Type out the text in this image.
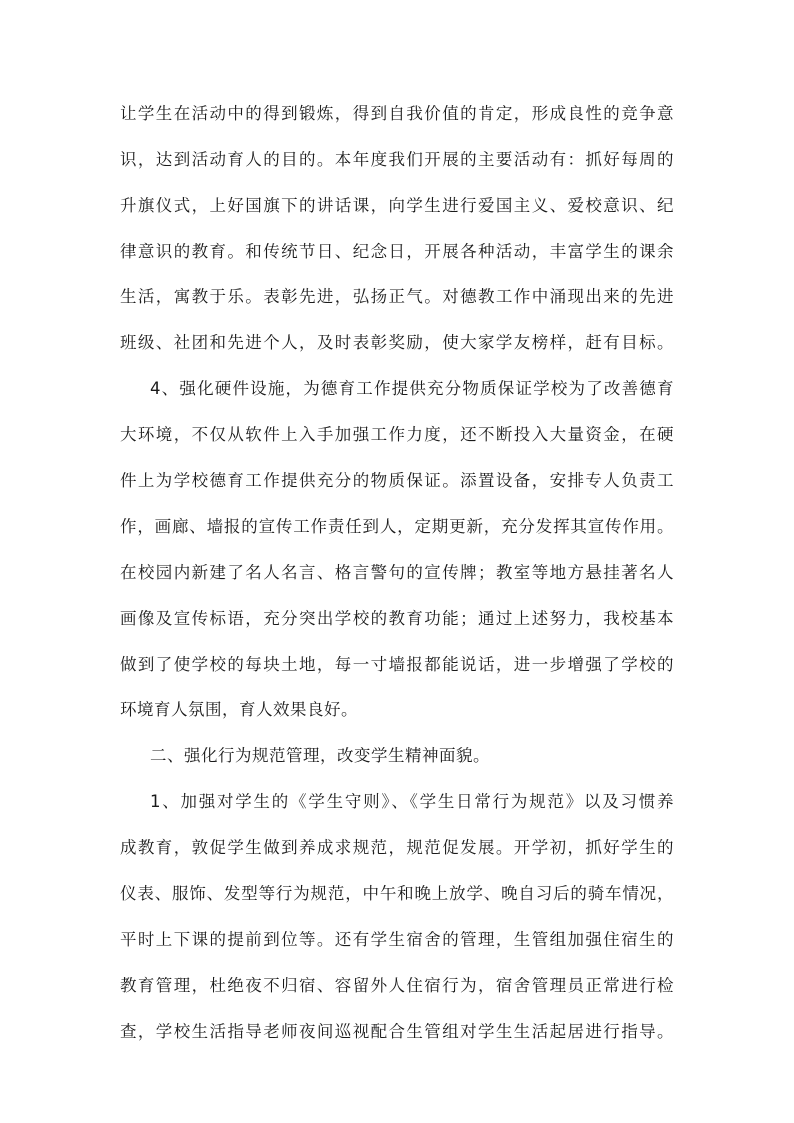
让学生在活动中的得到锻炼，得到自我价值的肯定，形成良性的竞争意
识，达到活动育人的目的。本年度我们开展的主要活动有：抓好每周的
升旗仪式，上好国旗下的讲话课，向学生进行爱国主义、爱校意识、纪
律意识的教育。和传统节日、纪念日，开展各种活动，丰富学生的课余
生活，寓教于乐。表彰先进，弘扬正气。对德教工作中涌现出来的先进
班级、社团和先进个人，及时表彰奖励，使大家学友榜样，赶有目标。
4、强化硬件设施，为德育工作提供充分物质保证学校为了改善德育
大环境，不仅从软件上入手加强工作力度，还不断投入大量资金，在硬
件上为学校德育工作提供充分的物质保证。添置设备，安排专人负责工
作，画廊、墙报的宣传工作责任到人，定期更新，充分发挥其宣传作用。
在校园内新建了名人名言、格言警句的宣传牌；教室等地方悬挂著名人
画像及宣传标语，充分突出学校的教育功能；通过上述努力，我校基本
做到了使学校的每块土地，每一寸墙报都能说话，进一步增强了学校的
环境育人氛围，育人效果良好。
二、强化行为规范管理，改变学生精神面貌。
1、加强对学生的《学生守则》、《学生日常行为规范》以及习惯养
成教育，敦促学生做到养成求规范，规范促发展。开学初，抓好学生的
仪表、服饰、发型等行为规范，中午和晚上放学、晚自习后的骑车情况，
平时上下课的提前到位等。还有学生宿舍的管理，生管组加强住宿生的
教育管理，杜绝夜不归宿、容留外人住宿行为，宿舍管理员正常进行检
查，学校生活指导老师夜间巡视配合生管组对学生生活起居进行指导。
